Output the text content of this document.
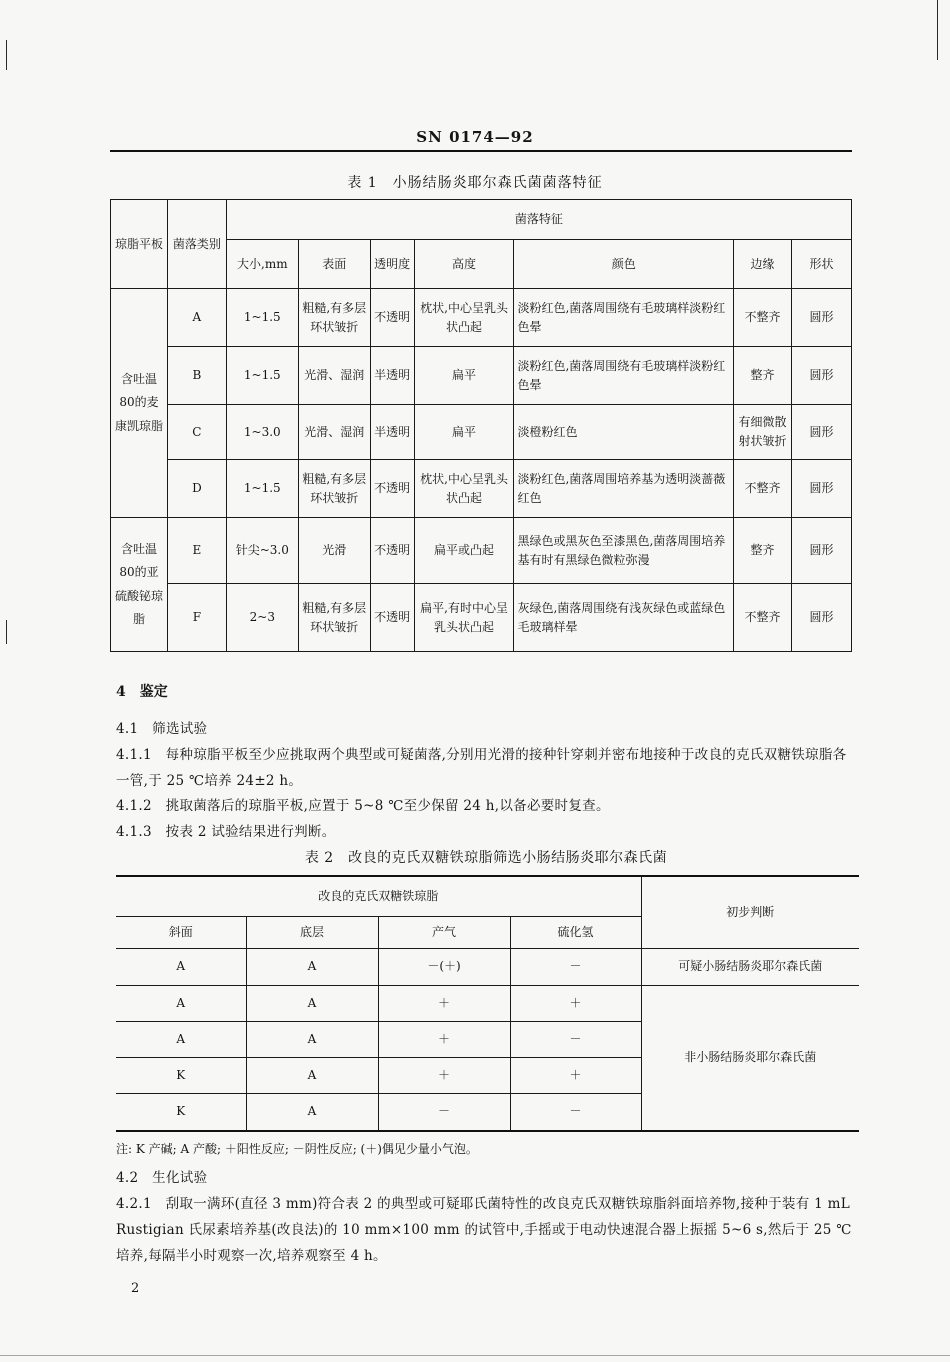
SN 0174—92
表 1　小肠结肠炎耶尔森氏菌菌落特征
琼脂平板	菌落类别	菌落特征						
		大小,mm	表面	透明度	高度	颜色	边缘	形状
含吐温80的麦康凯琼脂	A	1~1.5	粗糙,有多层环状皱折	不透明	枕状,中心呈乳头状凸起	淡粉红色,菌落周围绕有毛玻璃样淡粉红色晕	不整齐	圆形
	B	1~1.5	光滑、湿润	半透明	扁平	淡粉红色,菌落周围绕有毛玻璃样淡粉红色晕	整齐	圆形
	C	1~3.0	光滑、湿润	半透明	扁平	淡橙粉红色	有细微散射状皱折	圆形
	D	1~1.5	粗糙,有多层环状皱折	不透明	枕状,中心呈乳头状凸起	淡粉红色,菌落周围培养基为透明淡蔷薇红色	不整齐	圆形
含吐温80的亚硫酸铋琼脂	E	针尖~3.0	光滑	不透明	扁平或凸起	黑绿色或黑灰色至漆黑色,菌落周围培养基有时有黑绿色微粒弥漫	整齐	圆形
	F	2~3	粗糙,有多层环状皱折	不透明	扁平,有时中心呈乳头状凸起	灰绿色,菌落周围绕有浅灰绿色或蓝绿色毛玻璃样晕	不整齐	圆形
4　鉴定
4.1　筛选试验
4.1.1　每种琼脂平板至少应挑取两个典型或可疑菌落,分别用光滑的接种针穿刺并密布地接种于改良的克氏双糖铁琼脂各一管,于 25 ℃培养 24±2 h。
4.1.2　挑取菌落后的琼脂平板,应置于 5~8 ℃至少保留 24 h,以备必要时复查。
4.1.3　按表 2 试验结果进行判断。
表 2　改良的克氏双糖铁琼脂筛选小肠结肠炎耶尔森氏菌
改良的克氏双糖铁琼脂				初步判断
斜面	底层	产气	硫化氢	
A	A	－(＋)	－	可疑小肠结肠炎耶尔森氏菌
A	A	＋	＋	非小肠结肠炎耶尔森氏菌
A	A	＋	－	
K	A	＋	＋	
K	A	－	－	
注: K 产碱; A 产酸; ＋阳性反应; －阴性反应; (＋)偶见少量小气泡。
4.2　生化试验
4.2.1　刮取一满环(直径 3 mm)符合表 2 的典型或可疑耶氏菌特性的改良克氏双糖铁琼脂斜面培养物,接种于装有 1 mL Rustigian 氏尿素培养基(改良法)的 10 mm×100 mm 的试管中,手摇或于电动快速混合器上振摇 5~6 s,然后于 25 ℃培养,每隔半小时观察一次,培养观察至 4 h。
2
